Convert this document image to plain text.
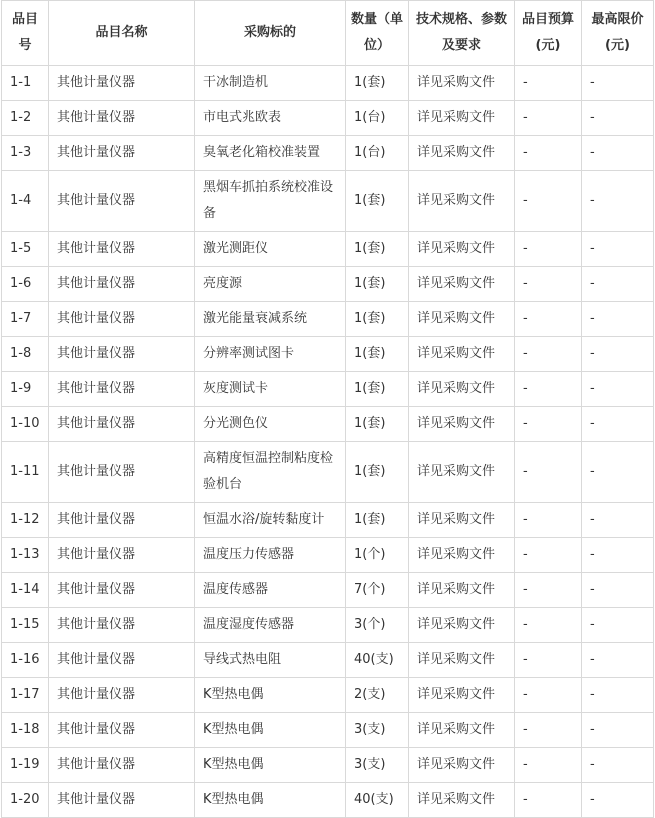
品目号	品目名称	采购标的	数量（单位）	技术规格、参数及要求	品目预算(元)	最高限价(元)
1-1	其他计量仪器	干冰制造机	1(套)	详见采购文件	-	-
1-2	其他计量仪器	市电式兆欧表	1(台)	详见采购文件	-	-
1-3	其他计量仪器	臭氧老化箱校准装置	1(台)	详见采购文件	-	-
1-4	其他计量仪器	黑烟车抓拍系统校准设备	1(套)	详见采购文件	-	-
1-5	其他计量仪器	激光测距仪	1(套)	详见采购文件	-	-
1-6	其他计量仪器	亮度源	1(套)	详见采购文件	-	-
1-7	其他计量仪器	激光能量衰减系统	1(套)	详见采购文件	-	-
1-8	其他计量仪器	分辨率测试图卡	1(套)	详见采购文件	-	-
1-9	其他计量仪器	灰度测试卡	1(套)	详见采购文件	-	-
1-10	其他计量仪器	分光测色仪	1(套)	详见采购文件	-	-
1-11	其他计量仪器	高精度恒温控制粘度检验机台	1(套)	详见采购文件	-	-
1-12	其他计量仪器	恒温水浴/旋转黏度计	1(套)	详见采购文件	-	-
1-13	其他计量仪器	温度压力传感器	1(个)	详见采购文件	-	-
1-14	其他计量仪器	温度传感器	7(个)	详见采购文件	-	-
1-15	其他计量仪器	温度湿度传感器	3(个)	详见采购文件	-	-
1-16	其他计量仪器	导线式热电阻	40(支)	详见采购文件	-	-
1-17	其他计量仪器	K型热电偶	2(支)	详见采购文件	-	-
1-18	其他计量仪器	K型热电偶	3(支)	详见采购文件	-	-
1-19	其他计量仪器	K型热电偶	3(支)	详见采购文件	-	-
1-20	其他计量仪器	K型热电偶	40(支)	详见采购文件	-	-
